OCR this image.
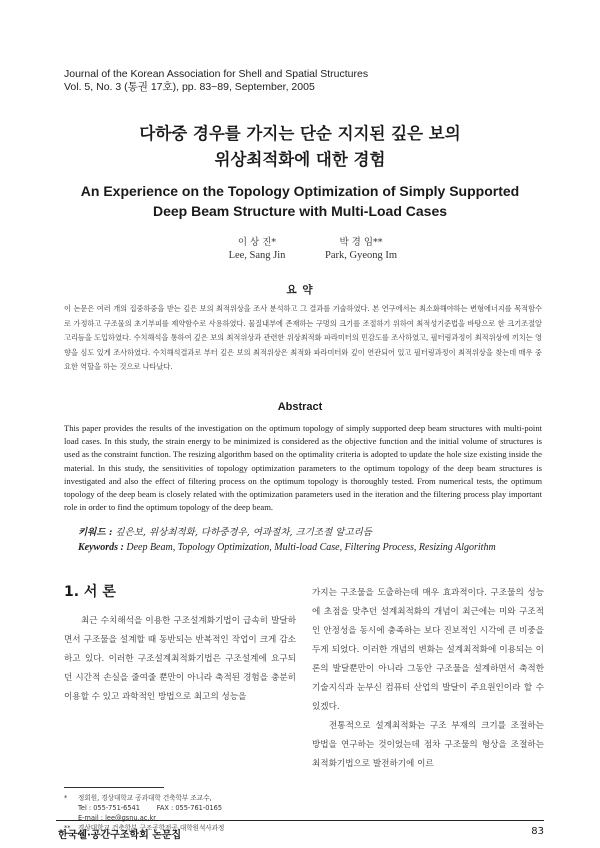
Journal of the Korean Association for Shell and Spatial Structures
Vol. 5, No. 3 (통권 17호), pp. 83~89, September, 2005
다하중 경우를 가지는 단순 지지된 깊은 보의
위상최적화에 대한 경험
An Experience on the Topology Optimization of Simply Supported
Deep Beam Structure with Multi-Load Cases
이 상 진*
Lee, Sang Jin
박 경 임**
Park, Gyeong Im
요 약
이 논문은 여러 개의 집중하중을 받는 깊은 보의 최적위상을 조사 분석하고 그 결과를 기술하였다. 본 연구에서는 최소화해야하는 변형에너지를 목적함수로 가정하고 구조물의 초기부피를 제약함수로 사용하였다. 물질내부에 존재하는 구멍의 크기를 조절하기 위하여 최적성기준법을 바탕으로 한 크기조절알고리듬을 도입하였다. 수치해석을 통하여 깊은 보의 최적위상과 관련한 위상최적화 파라미터의 민감도를 조사하였고, 필터링과정이 최적위상에 끼치는 영향을 심도 있게 조사하였다. 수치해석결과로 부터 깊은 보의 최적위상은 최적화 파라미터와 깊이 연관되어 있고 필터링과정이 최적위상을 찾는데 매우 중요한 역할을 하는 것으로 나타났다.
Abstract
This paper provides the results of the investigation on the optimum topology of simply supported deep beam structures with multi-point load cases. In this study, the strain energy to be minimized is considered as the objective function and the initial volume of structures is used as the constraint function. The resizing algorithm based on the optimality criteria is adopted to update the hole size existing inside the material. In this study, the sensitivities of topology optimization parameters to the optimum topology of the deep beam structures is investigated and also the effect of filtering process on the optimum topology is thoroughly tested. From numerical tests, the optimum topology of the deep beam is closely related with the optimization parameters used in the iteration and the filtering process play important role in order to find the optimum topology of the deep beam.
키워드 : 깊은보, 위상최적화, 다하중경우, 여과절차, 크기조절 알고리듬
Keywords : Deep Beam, Topology Optimization, Multi-load Case, Filtering Process, Resizing Algorithm
1. 서 론

최근 수치해석을 이용한 구조설계화기법이 급속히 발달하면서 구조물을 설계할 때 동반되는 반복적인 작업이 크게 감소하고 있다. 이러한 구조설계최적화기법은 구조설계에 요구되던 시간적 손실을 줄여줄 뿐만이 아니라 축적된 경험을 충분히 이용할 수 있고 과학적인 방법으로 최고의 성능을

가지는 구조물을 도출하는데 매우 효과적이다. 구조물의 성능에 초점을 맞추던 설계최적화의 개념이 최근에는 미와 구조적인 안정성을 동시에 충족하는 보다 진보적인 시각에 큰 비중을 두게 되었다. 이러한 개념의 변화는 설계최적화에 이용되는 이론의 발달뿐만이 아니라 그동안 구조물을 설계하면서 축적한 기술지식과 눈부신 컴퓨터 산업의 발달이 주요원인이라 할 수 있겠다.

전통적으로 설계최적화는 구조 부재의 크기를 조절하는 방법을 연구하는 것이었는데 점차 구조물의 형상을 조절하는 최적화기법으로 발전하기에 이르

* 정회원, 경상대학교 공과대학 건축학부 조교수,
Tel : 055-751-6541        FAX : 055-761-0165
E-mail : lee@gsnu.ac.kr
** 경상대학교 건축학부 구조공학전공 대학원석사과정
한국쉘·공간구조학회 논문집	83
